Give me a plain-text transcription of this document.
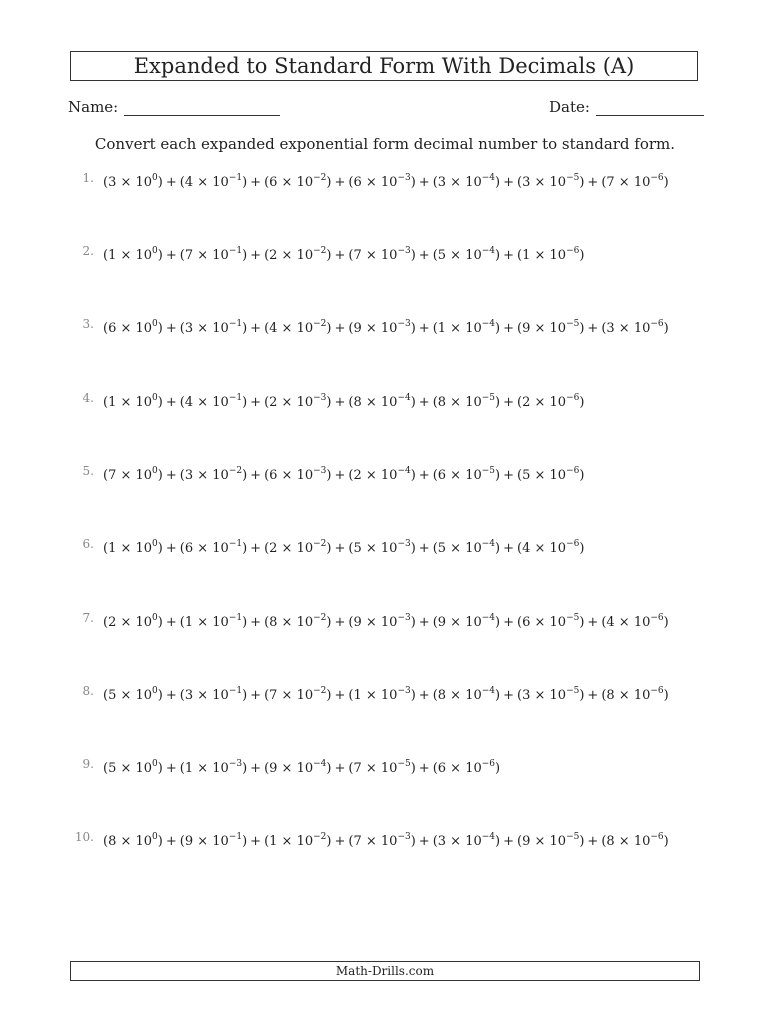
Expanded to Standard Form With Decimals (A)
Name:	Date:
Convert each expanded exponential form decimal number to standard form.
1. $(3 \times 10^0) + (4 \times 10^{-1}) + (6 \times 10^{-2}) + (6 \times 10^{-3}) + (3 \times 10^{-4}) + (3 \times 10^{-5}) + (7 \times 10^{-6})$
2. $(1 \times 10^0) + (7 \times 10^{-1}) + (2 \times 10^{-2}) + (7 \times 10^{-3}) + (5 \times 10^{-4}) + (1 \times 10^{-6})$
3. $(6 \times 10^0) + (3 \times 10^{-1}) + (4 \times 10^{-2}) + (9 \times 10^{-3}) + (1 \times 10^{-4}) + (9 \times 10^{-5}) + (3 \times 10^{-6})$
4. $(1 \times 10^0) + (4 \times 10^{-1}) + (2 \times 10^{-3}) + (8 \times 10^{-4}) + (8 \times 10^{-5}) + (2 \times 10^{-6})$
5. $(7 \times 10^0) + (3 \times 10^{-2}) + (6 \times 10^{-3}) + (2 \times 10^{-4}) + (6 \times 10^{-5}) + (5 \times 10^{-6})$
6. $(1 \times 10^0) + (6 \times 10^{-1}) + (2 \times 10^{-2}) + (5 \times 10^{-3}) + (5 \times 10^{-4}) + (4 \times 10^{-6})$
7. $(2 \times 10^0) + (1 \times 10^{-1}) + (8 \times 10^{-2}) + (9 \times 10^{-3}) + (9 \times 10^{-4}) + (6 \times 10^{-5}) + (4 \times 10^{-6})$
8. $(5 \times 10^0) + (3 \times 10^{-1}) + (7 \times 10^{-2}) + (1 \times 10^{-3}) + (8 \times 10^{-4}) + (3 \times 10^{-5}) + (8 \times 10^{-6})$
9. $(5 \times 10^0) + (1 \times 10^{-3}) + (9 \times 10^{-4}) + (7 \times 10^{-5}) + (6 \times 10^{-6})$
10. $(8 \times 10^0) + (9 \times 10^{-1}) + (1 \times 10^{-2}) + (7 \times 10^{-3}) + (3 \times 10^{-4}) + (9 \times 10^{-5}) + (8 \times 10^{-6})$
Math-Drills.com
